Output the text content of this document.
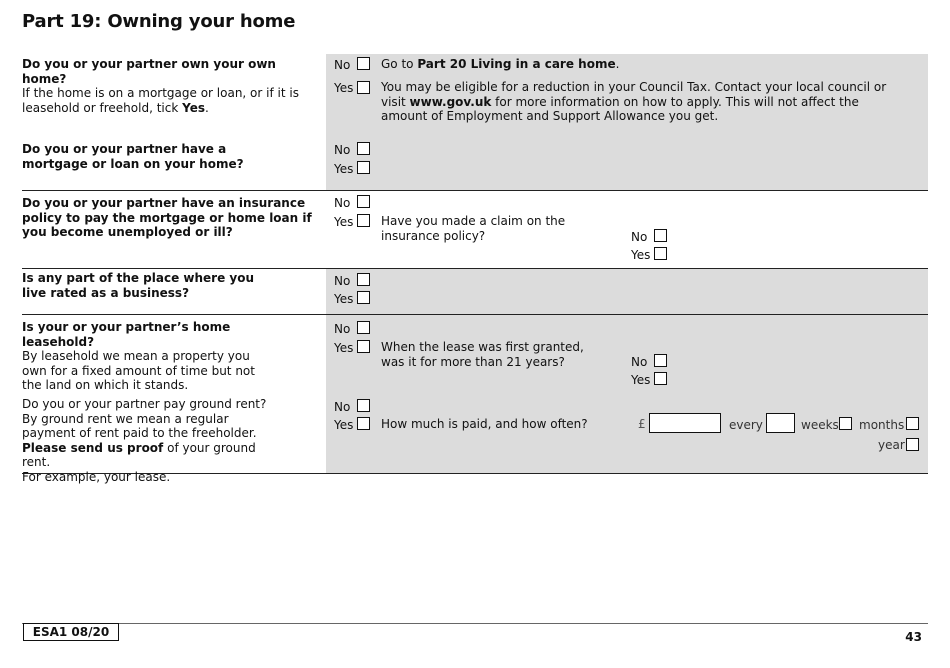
Part 19: Owning your home
Do you or your partner own your own home?
If the home is on a mortgage or loan, or if it is leasehold or freehold, tick Yes.
No	Go to Part 20 Living in a care home.
Yes You may be eligible for a reduction in your Council Tax. Contact your local council or visit www.gov.uk for more information on how to apply. This will not affect the amount of Employment and Support Allowance you get.
Do you or your partner have a mortgage or loan on your home?
No
Yes
Do you or your partner have an insurance policy to pay the mortgage or home loan if you become unemployed or ill?
No
Yes Have you made a claim on the insurance policy?	No
Yes
Is any part of the place where you live rated as a business?
No
Yes
Is your or your partner’s home leasehold?
By leasehold we mean a property you own for a fixed amount of time but not the land on which it stands.
No
Yes When the lease was first granted, was it for more than 21 years?	No
Yes
Do you or your partner pay ground rent?
By ground rent we mean a regular payment of rent paid to the freeholder.
Please send us proof of your ground rent.
For example, your lease.
No
Yes How much is paid, and how often?	£	every	weeks months
year
ESA1 08/20	43
